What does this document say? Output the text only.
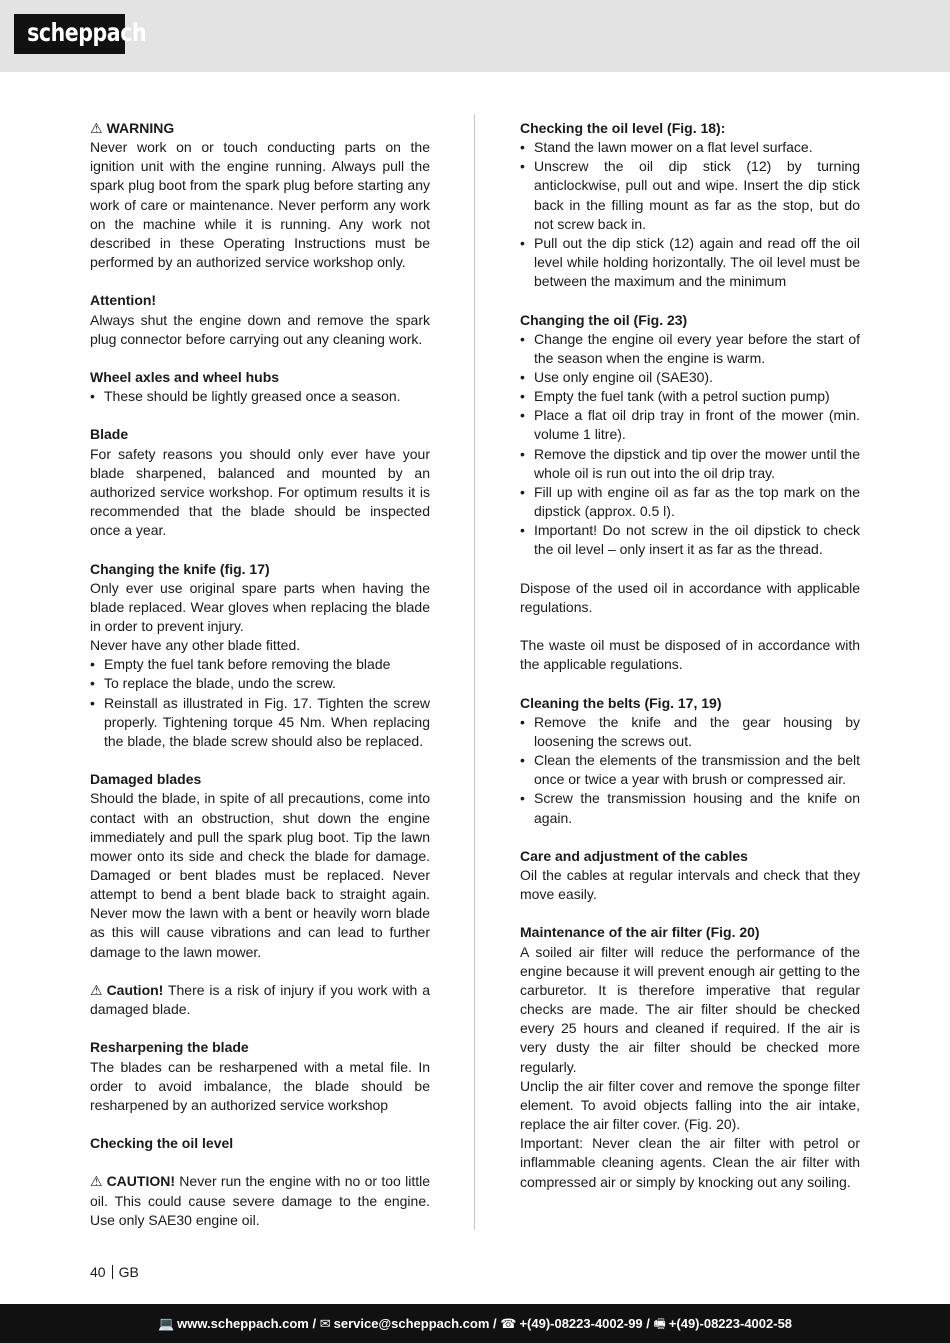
scheppach
⚠ WARNING
Never work on or touch conducting parts on the ignition unit with the engine running. Always pull the spark plug boot from the spark plug before starting any work of care or maintenance. Never perform any work on the machine while it is running. Any work not described in these Operating Instructions must be performed by an authorized service workshop only.
Attention!
Always shut the engine down and remove the spark plug connector before carrying out any cleaning work.
Wheel axles and wheel hubs
• These should be lightly greased once a season.
Blade
For safety reasons you should only ever have your blade sharpened, balanced and mounted by an authorized service workshop. For optimum results it is recommended that the blade should be inspected once a year.
Changing the knife (fig. 17)
Only ever use original spare parts when having the blade replaced. Wear gloves when replacing the blade in order to prevent injury.
Never have any other blade fitted.
• Empty the fuel tank before removing the blade
• To replace the blade, undo the screw.
• Reinstall as illustrated in Fig. 17. Tighten the screw properly. Tightening torque 45 Nm. When replacing the blade, the blade screw should also be replaced.
Damaged blades
Should the blade, in spite of all precautions, come into contact with an obstruction, shut down the engine immediately and pull the spark plug boot. Tip the lawn mower onto its side and check the blade for damage. Damaged or bent blades must be replaced. Never attempt to bend a bent blade back to straight again. Never mow the lawn with a bent or heavily worn blade as this will cause vibrations and can lead to further damage to the lawn mower.
⚠ Caution! There is a risk of injury if you work with a damaged blade.
Resharpening the blade
The blades can be resharpened with a metal file. In order to avoid imbalance, the blade should be resharpened by an authorized service workshop
Checking the oil level
⚠ CAUTION! Never run the engine with no or too little oil. This could cause severe damage to the engine. Use only SAE30 engine oil.
Checking the oil level (Fig. 18):
• Stand the lawn mower on a flat level surface.
• Unscrew the oil dip stick (12) by turning anticlockwise, pull out and wipe. Insert the dip stick back in the filling mount as far as the stop, but do not screw back in.
• Pull out the dip stick (12) again and read off the oil level while holding horizontally. The oil level must be between the maximum and the minimum
Changing the oil (Fig. 23)
• Change the engine oil every year before the start of the season when the engine is warm.
• Use only engine oil (SAE30).
• Empty the fuel tank (with a petrol suction pump)
• Place a flat oil drip tray in front of the mower (min. volume 1 litre).
• Remove the dipstick and tip over the mower until the whole oil is run out into the oil drip tray.
• Fill up with engine oil as far as the top mark on the dipstick (approx. 0.5 l).
• Important! Do not screw in the oil dipstick to check the oil level – only insert it as far as the thread.
Dispose of the used oil in accordance with applicable regulations.
The waste oil must be disposed of in accordance with the applicable regulations.
Cleaning the belts (Fig. 17, 19)
• Remove the knife and the gear housing by loosening the screws out.
• Clean the elements of the transmission and the belt once or twice a year with brush or compressed air.
• Screw the transmission housing and the knife on again.
Care and adjustment of the cables
Oil the cables at regular intervals and check that they move easily.
Maintenance of the air filter (Fig. 20)
A soiled air filter will reduce the performance of the engine because it will prevent enough air getting to the carburetor. It is therefore imperative that regular checks are made. The air filter should be checked every 25 hours and cleaned if required. If the air is very dusty the air filter should be checked more regularly.
Unclip the air filter cover and remove the sponge filter element. To avoid objects falling into the air intake, replace the air filter cover. (Fig. 20).
Important: Never clean the air filter with petrol or inflammable cleaning agents. Clean the air filter with compressed air or simply by knocking out any soiling.
40 GB
💻 www.scheppach.com / ✉ service@scheppach.com / ☎ +(49)-08223-4002-99 / 🖷 +(49)-08223-4002-58
